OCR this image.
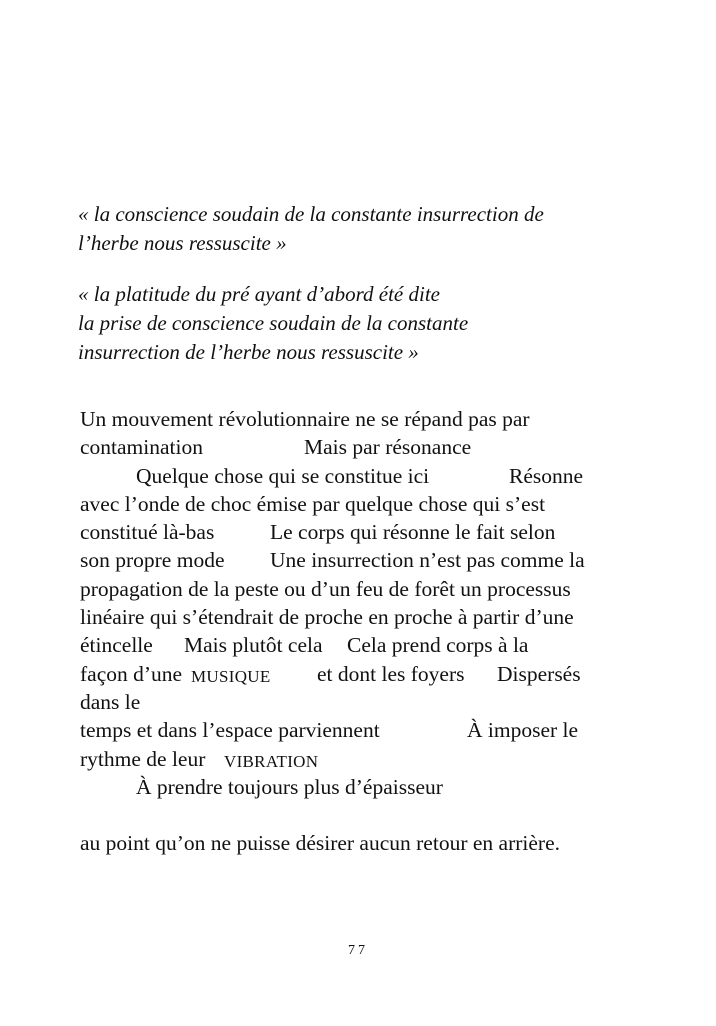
« la conscience soudain de la constante insurrection de
l’herbe nous ressuscite »
« la platitude du pré ayant d’abord été dite
la prise de conscience soudain de la constante
insurrection de l’herbe nous ressuscite »
Un mouvement révolutionnaire ne se répand pas par
contamination	Mais par résonance
Quelque chose qui se constitue ici	Résonne
avec l’onde de choc émise par quelque chose qui s’est
constitué là-bas	Le corps qui résonne le fait selon
son propre mode Une insurrection n’est pas comme la
propagation de la peste ou d’un feu de forêt un processus
linéaire qui s’étendrait de proche en proche à partir d’une
étincelle Mais plutôt cela Cela prend corps à la
façon d’une MUSIQUE et dont les foyers Dispersés
dans le
temps et dans l’espace parviennent	À imposer le
rythme de leur VIBRATION
À prendre toujours plus d’épaisseur
au point qu’on ne puisse désirer aucun retour en arrière.
77
